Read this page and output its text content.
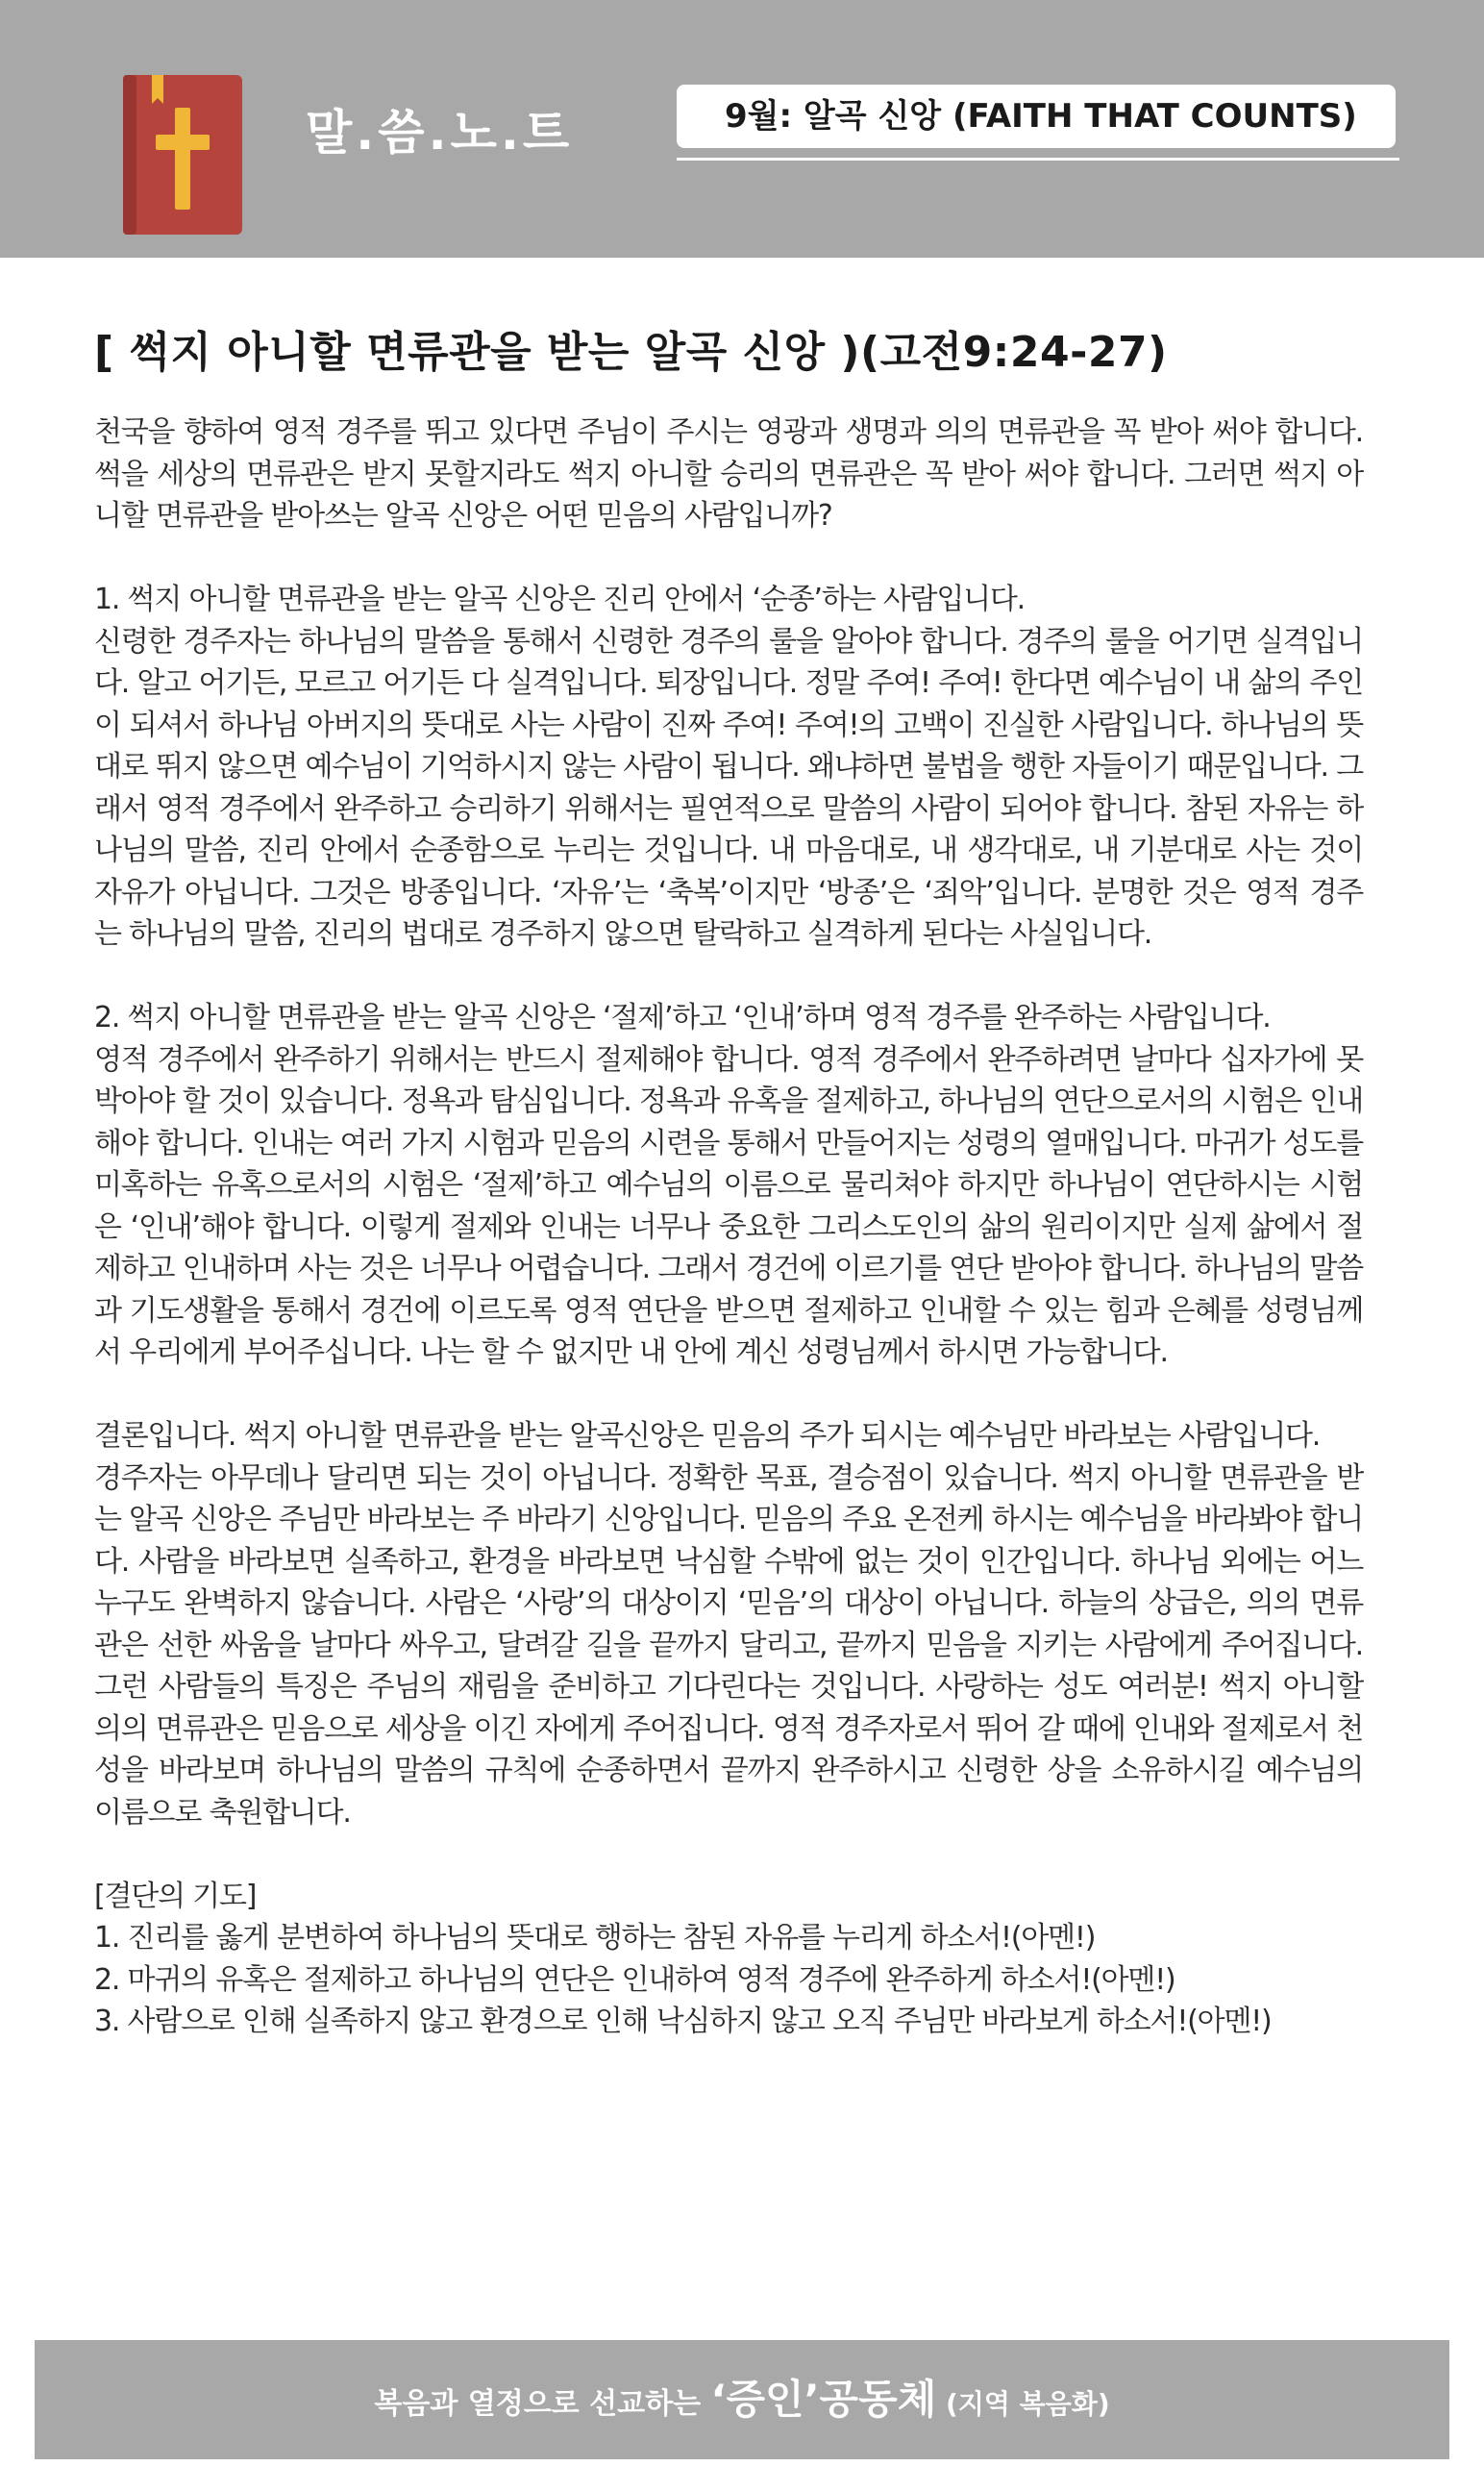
말.씀.노.트	9월: 알곡 신앙 (FAITH THAT COUNTS)
[ 썩지 아니할 면류관을 받는 알곡 신앙 )(고전9:24-27)

천국을 향하여 영적 경주를 뛰고 있다면 주님이 주시는 영광과 생명과 의의 면류관을 꼭 받아 써야 합니다. 썩을 세상의 면류관은 받지 못할지라도 썩지 아니할 승리의 면류관은 꼭 받아 써야 합니다. 그러면 썩지 아니할 면류관을 받아쓰는 알곡 신앙은 어떤 믿음의 사람입니까?

1. 썩지 아니할 면류관을 받는 알곡 신앙은 진리 안에서 ‘순종’하는 사람입니다.
신령한 경주자는 하나님의 말씀을 통해서 신령한 경주의 룰을 알아야 합니다. 경주의 룰을 어기면 실격입니다. 알고 어기든, 모르고 어기든 다 실격입니다. 퇴장입니다. 정말 주여! 주여! 한다면 예수님이 내 삶의 주인이 되셔서 하나님 아버지의 뜻대로 사는 사람이 진짜 주여! 주여!의 고백이 진실한 사람입니다. 하나님의 뜻대로 뛰지 않으면 예수님이 기억하시지 않는 사람이 됩니다. 왜냐하면 불법을 행한 자들이기 때문입니다. 그래서 영적 경주에서 완주하고 승리하기 위해서는 필연적으로 말씀의 사람이 되어야 합니다. 참된 자유는 하나님의 말씀, 진리 안에서 순종함으로 누리는 것입니다. 내 마음대로, 내 생각대로, 내 기분대로 사는 것이 자유가 아닙니다. 그것은 방종입니다. ‘자유’는 ‘축복’이지만 ‘방종’은 ‘죄악’입니다. 분명한 것은 영적 경주는 하나님의 말씀, 진리의 법대로 경주하지 않으면 탈락하고 실격하게 된다는 사실입니다.

2. 썩지 아니할 면류관을 받는 알곡 신앙은 ‘절제’하고 ‘인내’하며 영적 경주를 완주하는 사람입니다.
영적 경주에서 완주하기 위해서는 반드시 절제해야 합니다. 영적 경주에서 완주하려면 날마다 십자가에 못 박아야 할 것이 있습니다. 정욕과 탐심입니다. 정욕과 유혹을 절제하고, 하나님의 연단으로서의 시험은 인내해야 합니다. 인내는 여러 가지 시험과 믿음의 시련을 통해서 만들어지는 성령의 열매입니다. 마귀가 성도를 미혹하는 유혹으로서의 시험은 ‘절제’하고 예수님의 이름으로 물리쳐야 하지만 하나님이 연단하시는 시험은 ‘인내’해야 합니다. 이렇게 절제와 인내는 너무나 중요한 그리스도인의 삶의 원리이지만 실제 삶에서 절제하고 인내하며 사는 것은 너무나 어렵습니다. 그래서 경건에 이르기를 연단 받아야 합니다. 하나님의 말씀과 기도생활을 통해서 경건에 이르도록 영적 연단을 받으면 절제하고 인내할 수 있는 힘과 은혜를 성령님께서 우리에게 부어주십니다. 나는 할 수 없지만 내 안에 계신 성령님께서 하시면 가능합니다.

결론입니다. 썩지 아니할 면류관을 받는 알곡신앙은 믿음의 주가 되시는 예수님만 바라보는 사람입니다.
경주자는 아무데나 달리면 되는 것이 아닙니다. 정확한 목표, 결승점이 있습니다. 썩지 아니할 면류관을 받는 알곡 신앙은 주님만 바라보는 주 바라기 신앙입니다. 믿음의 주요 온전케 하시는 예수님을 바라봐야 합니다. 사람을 바라보면 실족하고, 환경을 바라보면 낙심할 수밖에 없는 것이 인간입니다. 하나님 외에는 어느 누구도 완벽하지 않습니다. 사람은 ‘사랑’의 대상이지 ‘믿음’의 대상이 아닙니다. 하늘의 상급은, 의의 면류관은 선한 싸움을 날마다 싸우고, 달려갈 길을 끝까지 달리고, 끝까지 믿음을 지키는 사람에게 주어집니다. 그런 사람들의 특징은 주님의 재림을 준비하고 기다린다는 것입니다. 사랑하는 성도 여러분! 썩지 아니할 의의 면류관은 믿음으로 세상을 이긴 자에게 주어집니다. 영적 경주자로서 뛰어 갈 때에 인내와 절제로서 천성을 바라보며 하나님의 말씀의 규칙에 순종하면서 끝까지 완주하시고 신령한 상을 소유하시길 예수님의 이름으로 축원합니다.

[결단의 기도]
1. 진리를 옳게 분변하여 하나님의 뜻대로 행하는 참된 자유를 누리게 하소서!(아멘!)
2. 마귀의 유혹은 절제하고 하나님의 연단은 인내하여 영적 경주에 완주하게 하소서!(아멘!)
3. 사람으로 인해 실족하지 않고 환경으로 인해 낙심하지 않고 오직 주님만 바라보게 하소서!(아멘!)
복음과 열정으로 선교하는 ‘증인’공동체 (지역 복음화)
